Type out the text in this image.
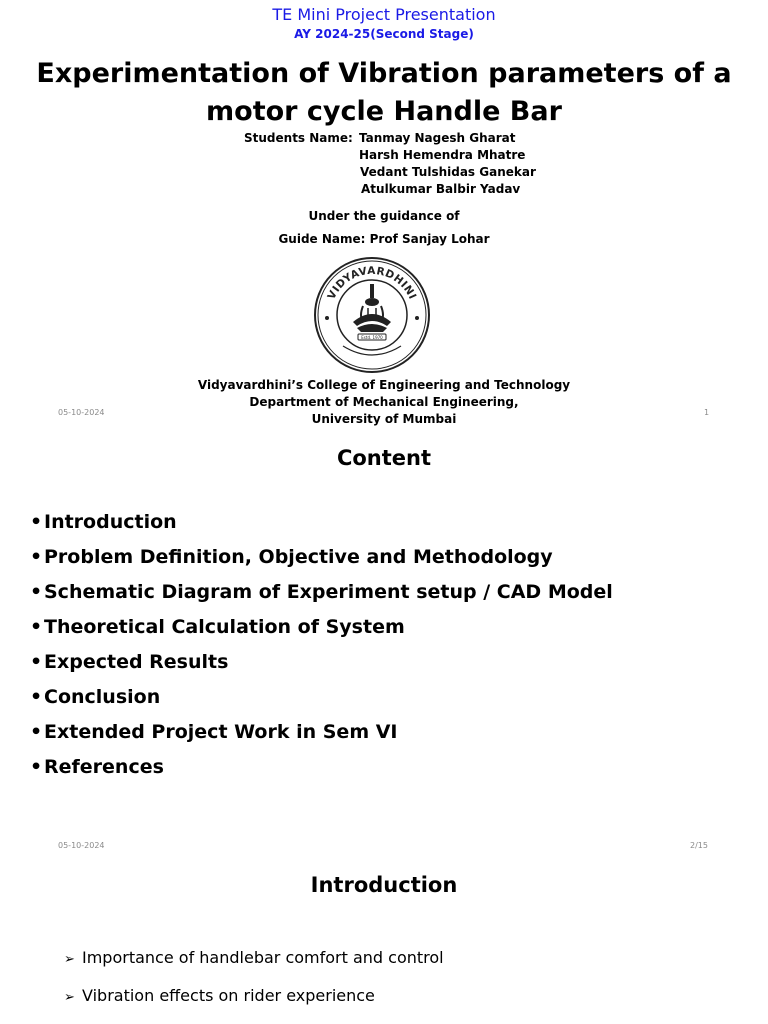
TE Mini Project Presentation
AY 2024-25(Second Stage)
Experimentation of Vibration parameters of a
motor cycle Handle Bar
Students Name: Tanmay Nagesh Gharat
Harsh Hemendra Mhatre
Vedant Tulshidas Ganekar
Atulkumar Balbir Yadav
Under the guidance of
Guide Name: Prof Sanjay Lohar
VIDYAVARDHINI
Estd. 1970
Vidyavardhini’s College of Engineering and Technology
Department of Mechanical Engineering,
University of Mumbai
05-10-2024	1
Content
•Introduction
•Problem Definition, Objective and Methodology
•Schematic Diagram of Experiment setup / CAD Model
•Theoretical Calculation of System
•Expected Results
•Conclusion
•Extended Project Work in Sem VI
•References
05-10-2024	2/15
Introduction
➢ Importance of handlebar comfort and control
➢ Vibration effects on rider experience
